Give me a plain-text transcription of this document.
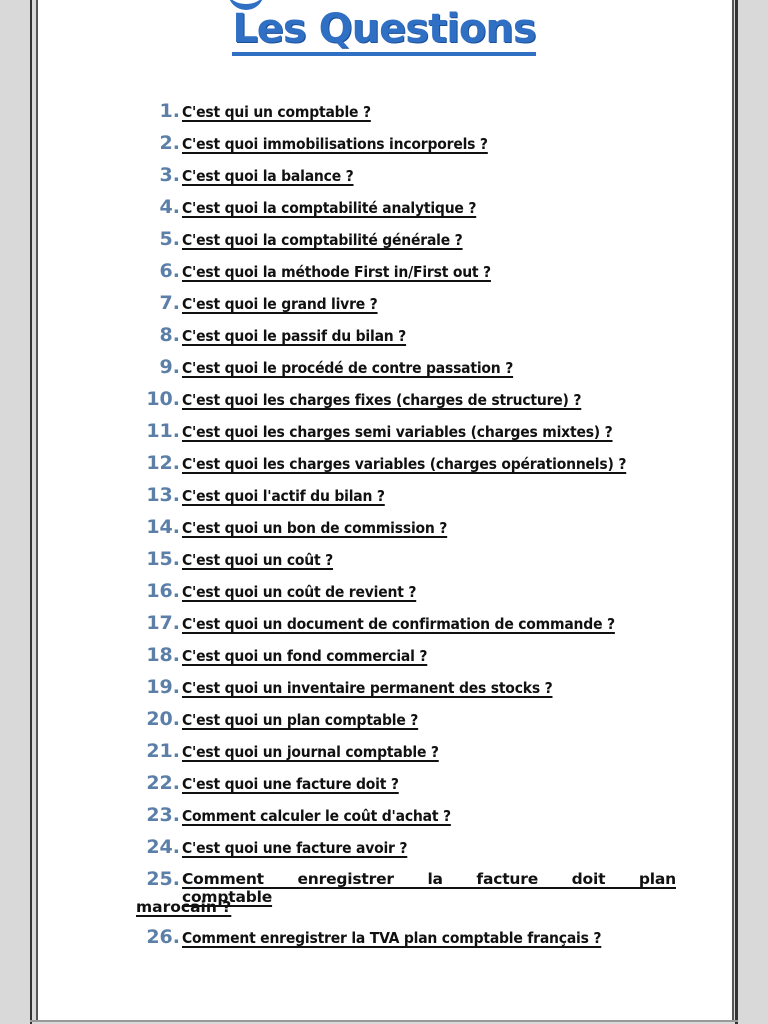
Les Questions
1. C'est qui un comptable ?
2. C'est quoi immobilisations incorporels ?
3. C'est quoi la balance ?
4. C'est quoi la comptabilité analytique ?
5. C'est quoi la comptabilité générale ?
6. C'est quoi la méthode First in/First out ?
7. C'est quoi le grand livre ?
8. C'est quoi le passif du bilan ?
9. C'est quoi le procédé de contre passation ?
10. C'est quoi les charges fixes (charges de structure) ?
11. C'est quoi les charges semi variables (charges mixtes) ?
12. C'est quoi les charges variables (charges opérationnels) ?
13. C'est quoi l'actif du bilan ?
14. C'est quoi un bon de commission ?
15. C'est quoi un coût ?
16. C'est quoi un coût de revient ?
17. C'est quoi un document de confirmation de commande ?
18. C'est quoi un fond commercial ?
19. C'est quoi un inventaire permanent des stocks ?
20. C'est quoi un plan comptable ?
21. C'est quoi un journal comptable ?
22. C'est quoi une facture doit ?
23. Comment calculer le coût d'achat ?
24. C'est quoi une facture avoir ?
25. Comment enregistrer la facture doit plan comptable
marocain ?
26. Comment enregistrer la TVA plan comptable français ?
